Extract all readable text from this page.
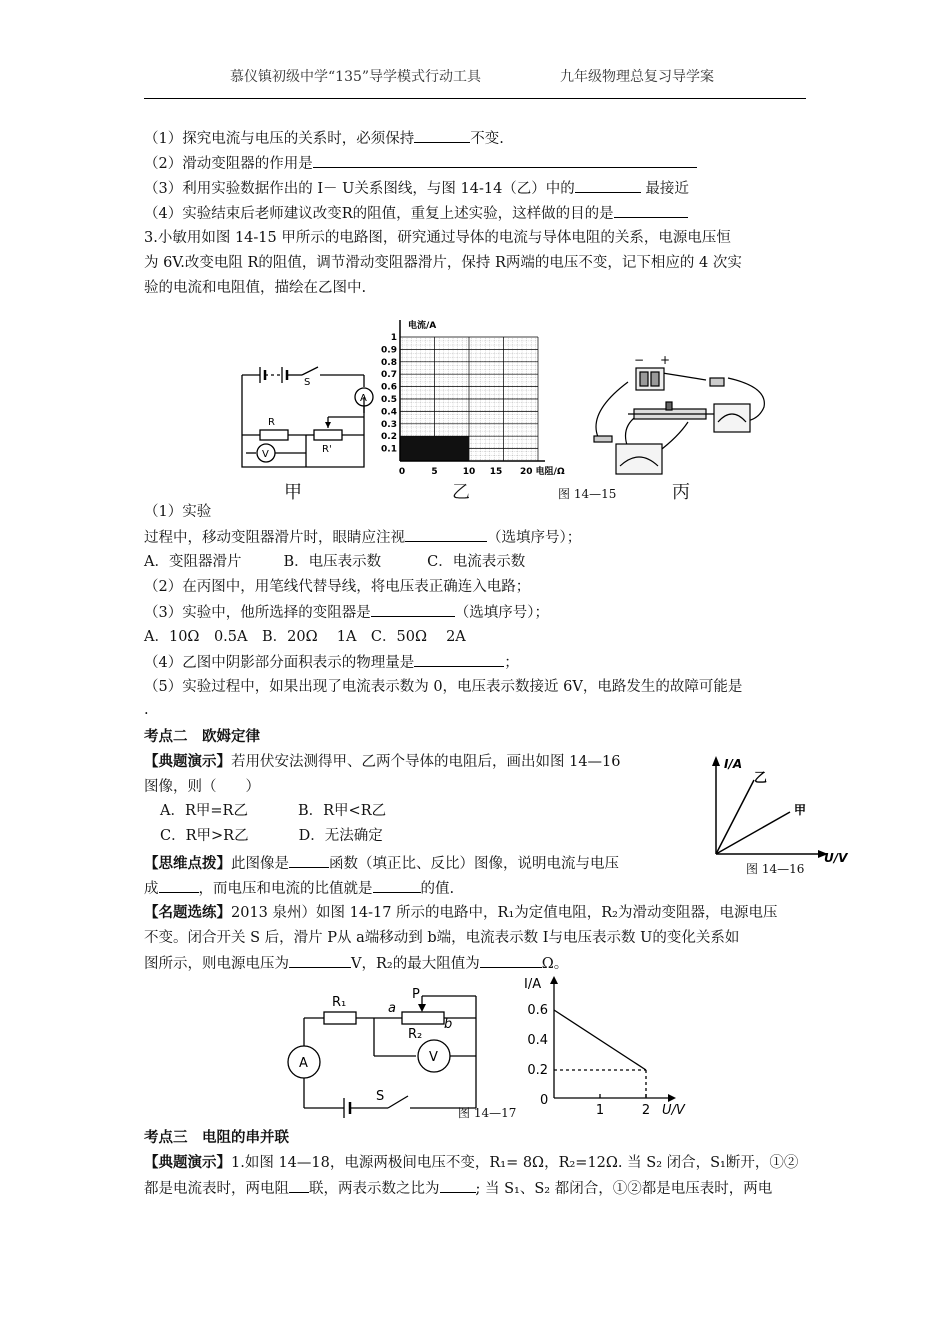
慕仪镇初级中学“135”导学模式行动工具	九年级物理总复习导学案
（1）探究电流与电压的关系时，必须保持	不变.
（2）滑动变阻器的作用是
（3）利用实验数据作出的 I－ U关系图线，与图 14-14（乙）中的	最接近
（4）实验结束后老师建议改变R的阻值，重复上述实验，这样做的目的是
3.小敏用如图 14-15 甲所示的电路图，研究通过导体的电流与导体电阻的关系，电源电压恒
为 6V.改变电阻 R的阻值，调节滑动变阻器滑片，保持 R两端的电压不变，记下相应的 4 次实
验的电流和电阻值，描绘在乙图中.
S
A
R
R'
V
甲
电流/A
1
0.9
0.8
0.7
0.6
0.5
0.4
0.3
0.2
0.1
0	5	10 15 20 电阻/Ω
乙	图 14—15
− +
丙
（1）实验
过程中，移动变阻器滑片时，眼睛应注视	（选填序号）；
A．变阻器滑片	B．电压表示数	C．电流表示数
（2）在丙图中，用笔线代替导线，将电压表正确连入电路；
（3）实验中，他所选择的变阻器是	（选填序号）；
A．10Ω　0.5A　B．20Ω　 1A　C．50Ω　 2A
（4）乙图中阴影部分面积表示的物理量是	；
（5）实验过程中，如果出现了电流表示数为 0，电压表示数接近 6V，电路发生的故障可能是
.
考点二　欧姆定律
【典题演示】若用伏安法测得甲、乙两个导体的电阻后，画出如图 14—16
图像，则（　　）
A．R甲=R乙	B．R甲<R乙
C．R甲>R乙	D．无法确定
【思维点拨】此图像是	函数（填正比、反比）图像，说明电流与电压
成	，而电压和电流的比值就是	的值.
I/A
乙
甲
U/V
图 14—16
【名题选练】2013 泉州）如图 14-17 所示的电路中，R₁为定值电阻，R₂为滑动变阻器，电源电压
不变。闭合开关 S 后，滑片 P从 a端移动到 b端，电流表示数 I与电压表示数 U的变化关系如
图所示，则电源电压为	V，R₂的最大阻值为	Ω。
R₁	a
P
b
R₂
V
A
S
图 14—17
I/A
0.6
0.4
0.2
0
1	2 U/V
考点三　电阻的串并联
【典题演示】1.如图 14—18，电源两极间电压不变，R₁= 8Ω，R₂=12Ω. 当 S₂ 闭合，S₁断开，①②
都是电流表时，两电阻 联，两表示数之比为 ; 当 S₁、S₂ 都闭合，①②都是电压表时，两电
